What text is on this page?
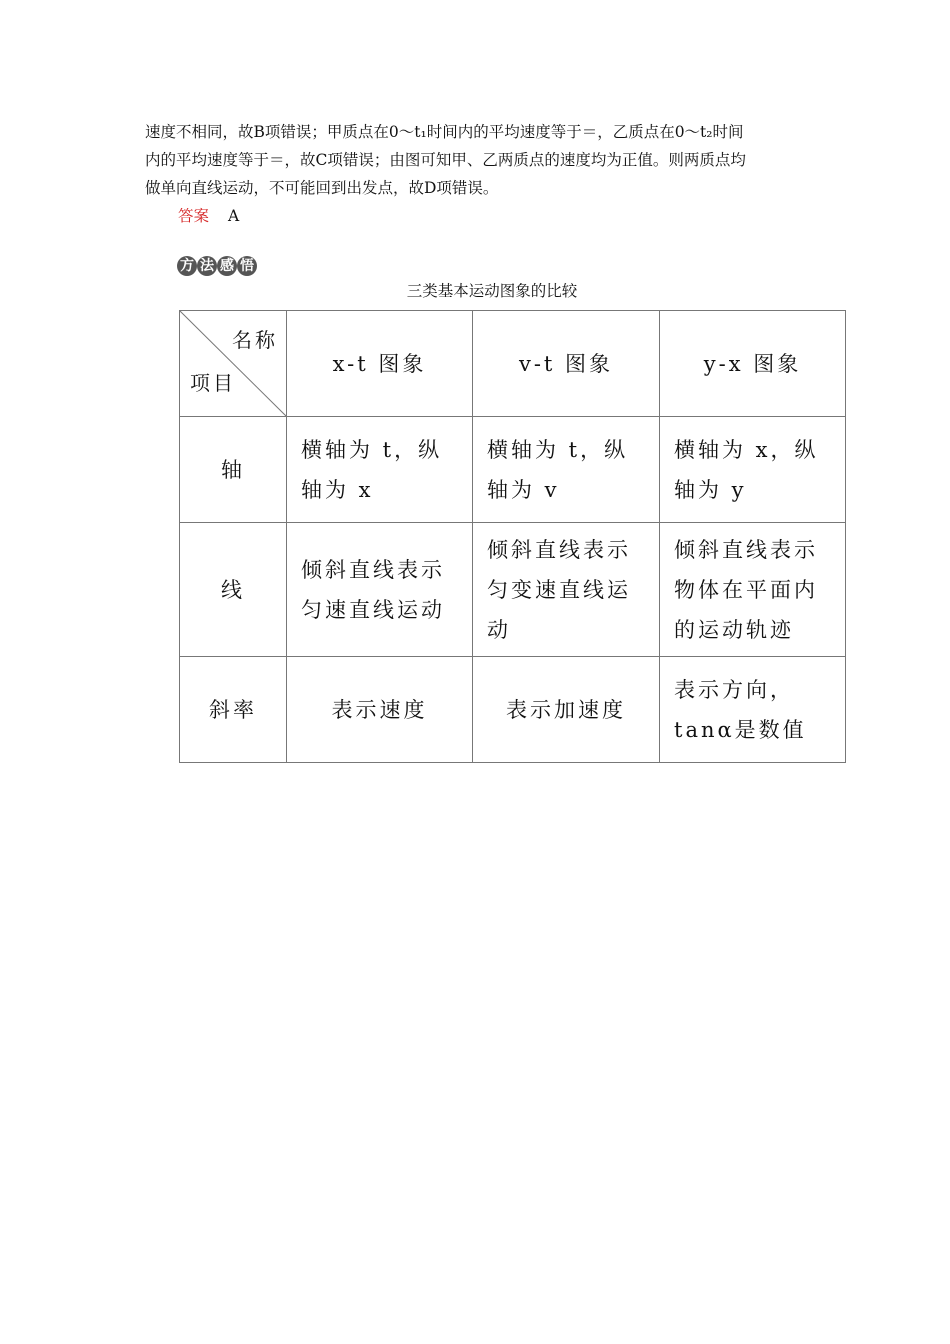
速度不相同，故B项错误；甲质点在0～t₁时间内的平均速度等于＝，乙质点在0～t₂时间
内的平均速度等于＝，故C项错误；由图可知甲、乙两质点的速度均为正值。则两质点均
做单向直线运动，不可能回到出发点，故D项错误。
答案 A
方 法 感 悟
三类基本运动图象的比较
名称
项目	x-t 图象	v-t 图象	y-x 图象
轴	横轴为 t，纵轴为 x	横轴为 t，纵轴为 v	横轴为 x，纵轴为 y
线	倾斜直线表示匀速直线运动	倾斜直线表示匀变速直线运动	倾斜直线表示物体在平面内的运动轨迹
斜率	表示速度	表示加速度	表示方向，tanα是数值
